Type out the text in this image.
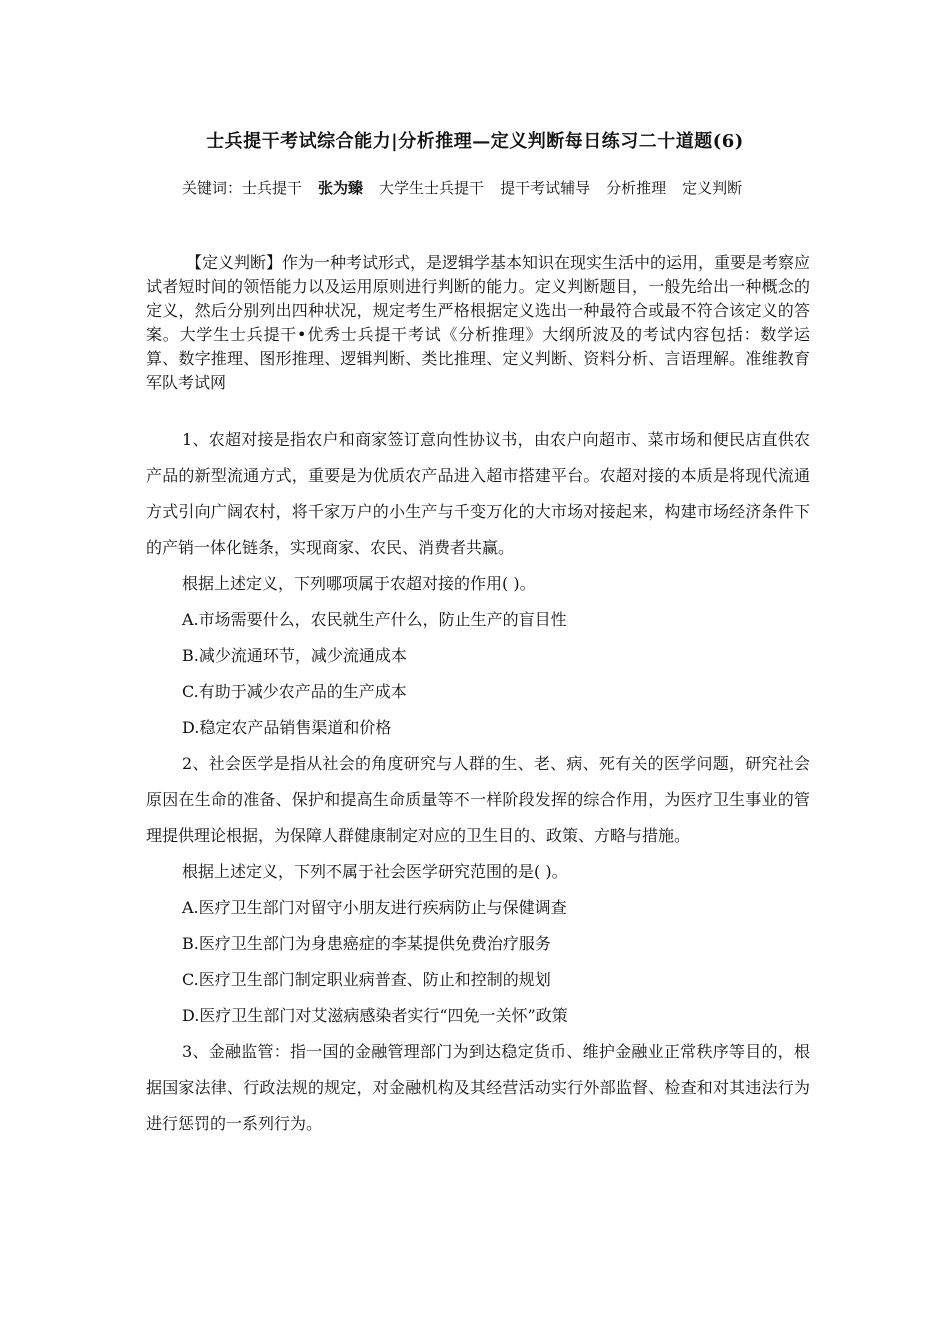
士兵提干考试综合能力|分析推理—定义判断每日练习二十道题(6)
关键词：士兵提干 张为臻 大学生士兵提干 提干考试辅导 分析推理 定义判断

【定义判断】作为一种考试形式，是逻辑学基本知识在现实生活中的运用，重要是考察应试者短时间的领悟能力以及运用原则进行判断的能力。定义判断题目，一般先给出一种概念的定义，然后分别列出四种状况，规定考生严格根据定义选出一种最符合或最不符合该定义的答案。大学生士兵提干•优秀士兵提干考试《分析推理》大纲所波及的考试内容包括：数学运算、数字推理、图形推理、逻辑判断、类比推理、定义判断、资料分析、言语理解。准维教育军队考试网

1、农超对接是指农户和商家签订意向性协议书，由农户向超市、菜市场和便民店直供农产品的新型流通方式，重要是为优质农产品进入超市搭建平台。农超对接的本质是将现代流通方式引向广阔农村，将千家万户的小生产与千变万化的大市场对接起来，构建市场经济条件下的产销一体化链条，实现商家、农民、消费者共赢。

根据上述定义，下列哪项属于农超对接的作用( )。

A.市场需要什么，农民就生产什么，防止生产的盲目性

B.减少流通环节，减少流通成本

C.有助于减少农产品的生产成本

D.稳定农产品销售渠道和价格

2、社会医学是指从社会的角度研究与人群的生、老、病、死有关的医学问题，研究社会原因在生命的准备、保护和提高生命质量等不一样阶段发挥的综合作用，为医疗卫生事业的管理提供理论根据，为保障人群健康制定对应的卫生目的、政策、方略与措施。

根据上述定义，下列不属于社会医学研究范围的是( )。

A.医疗卫生部门对留守小朋友进行疾病防止与保健调查

B.医疗卫生部门为身患癌症的李某提供免费治疗服务

C.医疗卫生部门制定职业病普查、防止和控制的规划

D.医疗卫生部门对艾滋病感染者实行“四免一关怀”政策

3、金融监管：指一国的金融管理部门为到达稳定货币、维护金融业正常秩序等目的，根据国家法律、行政法规的规定，对金融机构及其经营活动实行外部监督、检查和对其违法行为进行惩罚的一系列行为。
